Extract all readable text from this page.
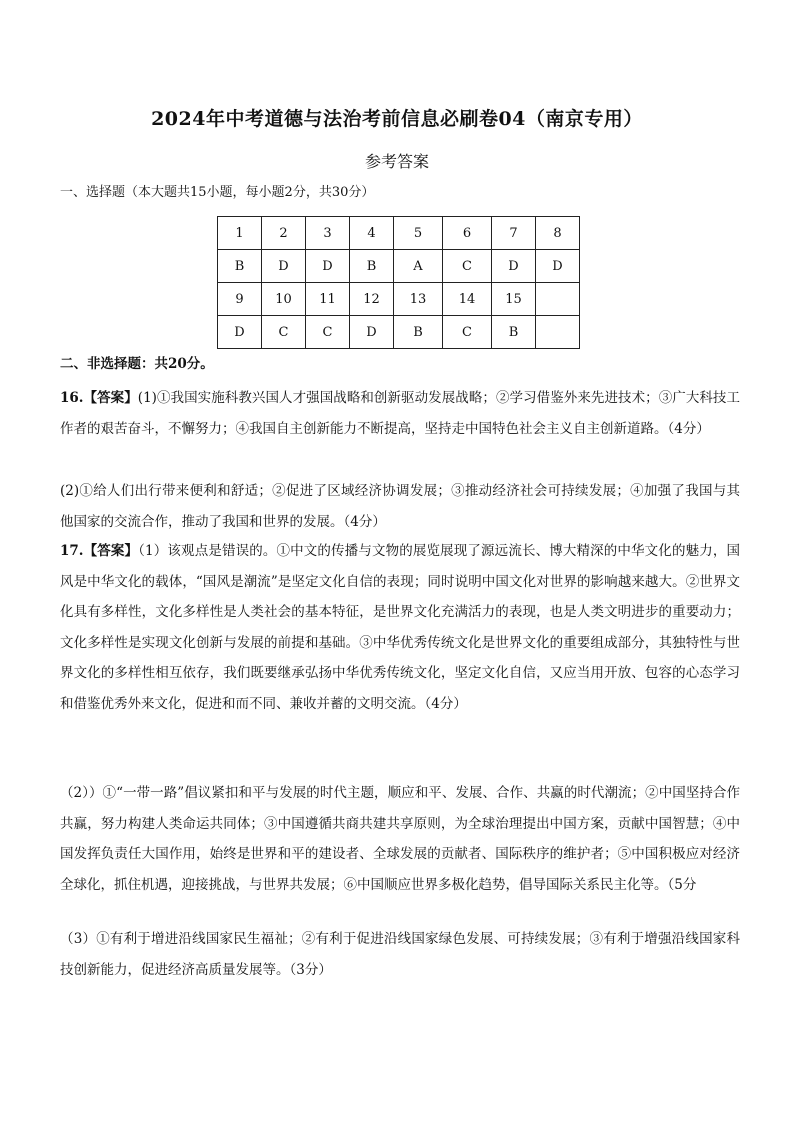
2024年中考道德与法治考前信息必刷卷04（南京专用）
参考答案
一、选择题（本大题共15小题，每小题2分，共30分）
1	2	3	4	5	6	7	8
B	D	D	B	A	C	D	D
9	10	11	12	13	14	15	
D	C	C	D	B	C	B	
二、非选择题：共20分。
16.【答案】(1)①我国实施科教兴国人才强国战略和创新驱动发展战略；②学习借鉴外来先进技术；③广大科技工作者的艰苦奋斗，不懈努力；④我国自主创新能力不断提高，坚持走中国特色社会主义自主创新道路。（4分）
(2)①给人们出行带来便利和舒适；②促进了区域经济协调发展；③推动经济社会可持续发展；④加强了我国与其他国家的交流合作，推动了我国和世界的发展。（4分）
17.【答案】（1）该观点是错误的。①中文的传播与文物的展览展现了源远流长、博大精深的中华文化的魅力，国风是中华文化的载体，“国风是潮流”是坚定文化自信的表现；同时说明中国文化对世界的影响越来越大。②世界文化具有多样性，文化多样性是人类社会的基本特征，是世界文化充满活力的表现，也是人类文明进步的重要动力；文化多样性是实现文化创新与发展的前提和基础。③中华优秀传统文化是世界文化的重要组成部分，其独特性与世界文化的多样性相互依存，我们既要继承弘扬中华优秀传统文化，坚定文化自信，又应当用开放、包容的心态学习和借鉴优秀外来文化，促进和而不同、兼收并蓄的文明交流。（4分）
（2））①“一带一路”倡议紧扣和平与发展的时代主题，顺应和平、发展、合作、共赢的时代潮流；②中国坚持合作共赢，努力构建人类命运共同体；③中国遵循共商共建共享原则，为全球治理提出中国方案，贡献中国智慧；④中国发挥负责任大国作用，始终是世界和平的建设者、全球发展的贡献者、国际秩序的维护者；⑤中国积极应对经济全球化，抓住机遇，迎接挑战，与世界共发展；⑥中国顺应世界多极化趋势，倡导国际关系民主化等。（5分
（3）①有利于增进沿线国家民生福祉；②有利于促进沿线国家绿色发展、可持续发展；③有利于增强沿线国家科技创新能力，促进经济高质量发展等。（3分）
